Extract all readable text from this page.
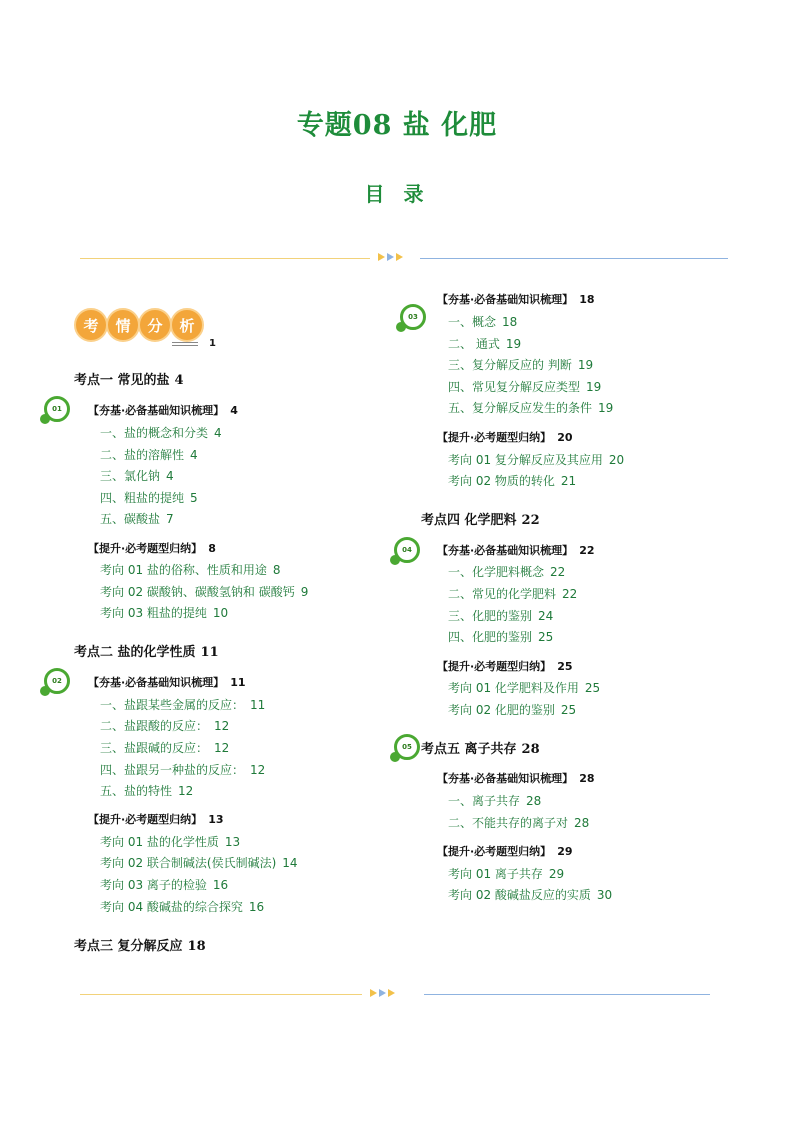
专题08 盐 化肥
目 录
考	情	分	析
1
考点一 常见的盐 4
01	【夯基·必备基础知识梳理】 4
一、盐的概念和分类 4
二、盐的溶解性 4
三、氯化钠 4
四、粗盐的提纯 5
五、碳酸盐 7
【提升·必考题型归纳】 8
考向 01 盐的俗称、性质和用途 8
考向 02 碳酸钠、碳酸氢钠和 碳酸钙 9
考向 03 粗盐的提纯 10
考点二 盐的化学性质 11
02	【夯基·必备基础知识梳理】 11
一、盐跟某些金属的反应： 11
二、盐跟酸的反应： 12
三、盐跟碱的反应： 12
四、盐跟另一种盐的反应： 12
五、盐的特性 12
【提升·必考题型归纳】 13
考向 01 盐的化学性质 13
考向 02 联合制碱法(侯氏制碱法) 14
考向 03 离子的检验 16
考向 04 酸碱盐的综合探究 16
考点三 复分解反应 18
03
【夯基·必备基础知识梳理】 18
一、概念 18
二、 通式 19
三、复分解反应的 判断 19
四、常见复分解反应类型 19
五、复分解反应发生的条件 19
【提升·必考题型归纳】 20
考向 01 复分解反应及其应用 20
考向 02 物质的转化 21
考点四 化学肥料 22
04	【夯基·必备基础知识梳理】 22
一、化学肥料概念 22
二、常见的化学肥料 22
三、化肥的鉴别 24
四、化肥的鉴别 25
【提升·必考题型归纳】 25
考向 01 化学肥料及作用 25
考向 02 化肥的鉴别 25
05 考点五 离子共存 28
【夯基·必备基础知识梳理】 28
一、离子共存 28
二、不能共存的离子对 28
【提升·必考题型归纳】 29
考向 01 离子共存 29
考向 02 酸碱盐反应的实质 30
